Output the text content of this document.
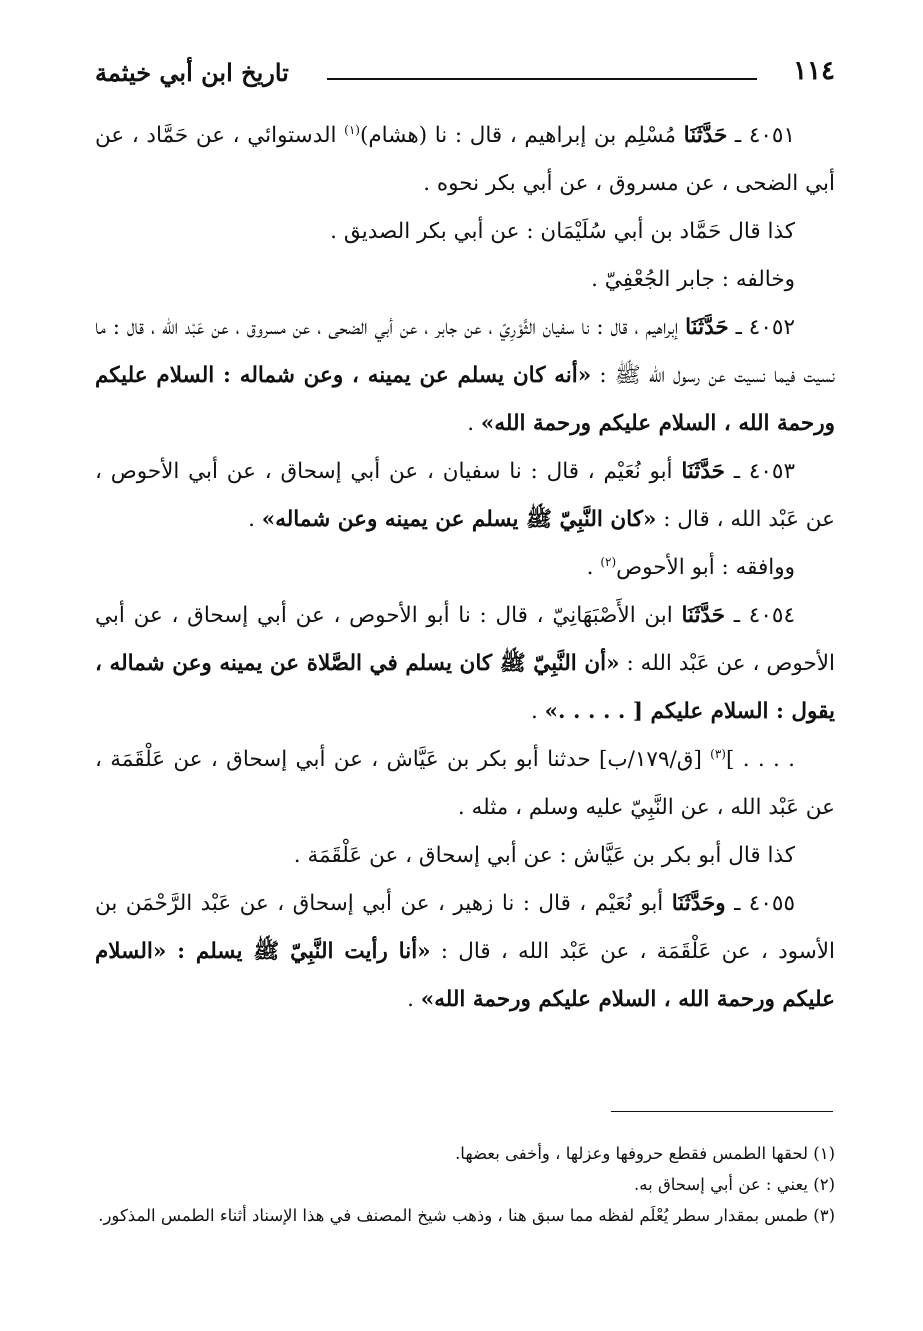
١١٤
تاريخ ابن أبي خيثمة

٤٠٥١ ـ حَدَّثَنَا مُسْلِم بن إبراهيم ، قال : نا (هشام)$^{(١)}$ الدستوائي ، عن حَمَّاد ، عن أبي الضحى ، عن مسروق ، عن أبي بكر نحوه .

كذا قال حَمَّاد بن أبي سُلَيْمَان : عن أبي بكر الصديق .

وخالفه : جابر الجُعْفِيّ .

٤٠٥٢ ـ حَدَّثَنَا إبراهيم ، قال : نا سفيان الثَّوْرِيّ ، عن جابر ، عن أبي الضحى ، عن مسروق ، عن عَبْد الله ، قال : ما نسيت فيما نسيت عن رسول الله ﷺ : «أنه كان يسلم عن يمينه ، وعن شماله : السلام عليكم ورحمة الله ، السلام عليكم ورحمة الله» .

٤٠٥٣ ـ حَدَّثَنَا أبو نُعَيْم ، قال : نا سفيان ، عن أبي إسحاق ، عن أبي الأحوص ، عن عَبْد الله ، قال : «كان النَّبِيّ ﷺ يسلم عن يمينه وعن شماله» .

ووافقه : أبو الأحوص$^{(٢)}$ .

٤٠٥٤ ـ حَدَّثَنَا ابن الأَصْبَهَانِيّ ، قال : نا أبو الأحوص ، عن أبي إسحاق ، عن أبي الأحوص ، عن عَبْد الله : «أن النَّبِيّ ﷺ كان يسلم في الصَّلاة عن يمينه وعن شماله ، يقول : السلام عليكم [ . . . . .» .

. . . . ]$^{(٣)}$ [ق/١٧٩/ب] حدثنا أبو بكر بن عَيَّاش ، عن أبي إسحاق ، عن عَلْقَمَة ، عن عَبْد الله ، عن النَّبِيّ عليه وسلم ، مثله .

كذا قال أبو بكر بن عَيَّاش : عن أبي إسحاق ، عن عَلْقَمَة .

٤٠٥٥ ـ وحَدَّثَنَا أبو نُعَيْم ، قال : نا زهير ، عن أبي إسحاق ، عن عَبْد الرَّحْمَن بن الأسود ، عن عَلْقَمَة ، عن عَبْد الله ، قال : «أنا رأيت النَّبِيّ ﷺ يسلم : «السلام عليكم ورحمة الله ، السلام عليكم ورحمة الله» .

(١) لحقها الطمس فقطع حروفها وعزلها ، وأخفى بعضها.

(٢) يعني : عن أبي إسحاق به.

(٣) طمس بمقدار سطر يُعْلَم لفظه مما سبق هنا ، وذهب شيخ المصنف في هذا الإسناد أثناء الطمس المذكور.
